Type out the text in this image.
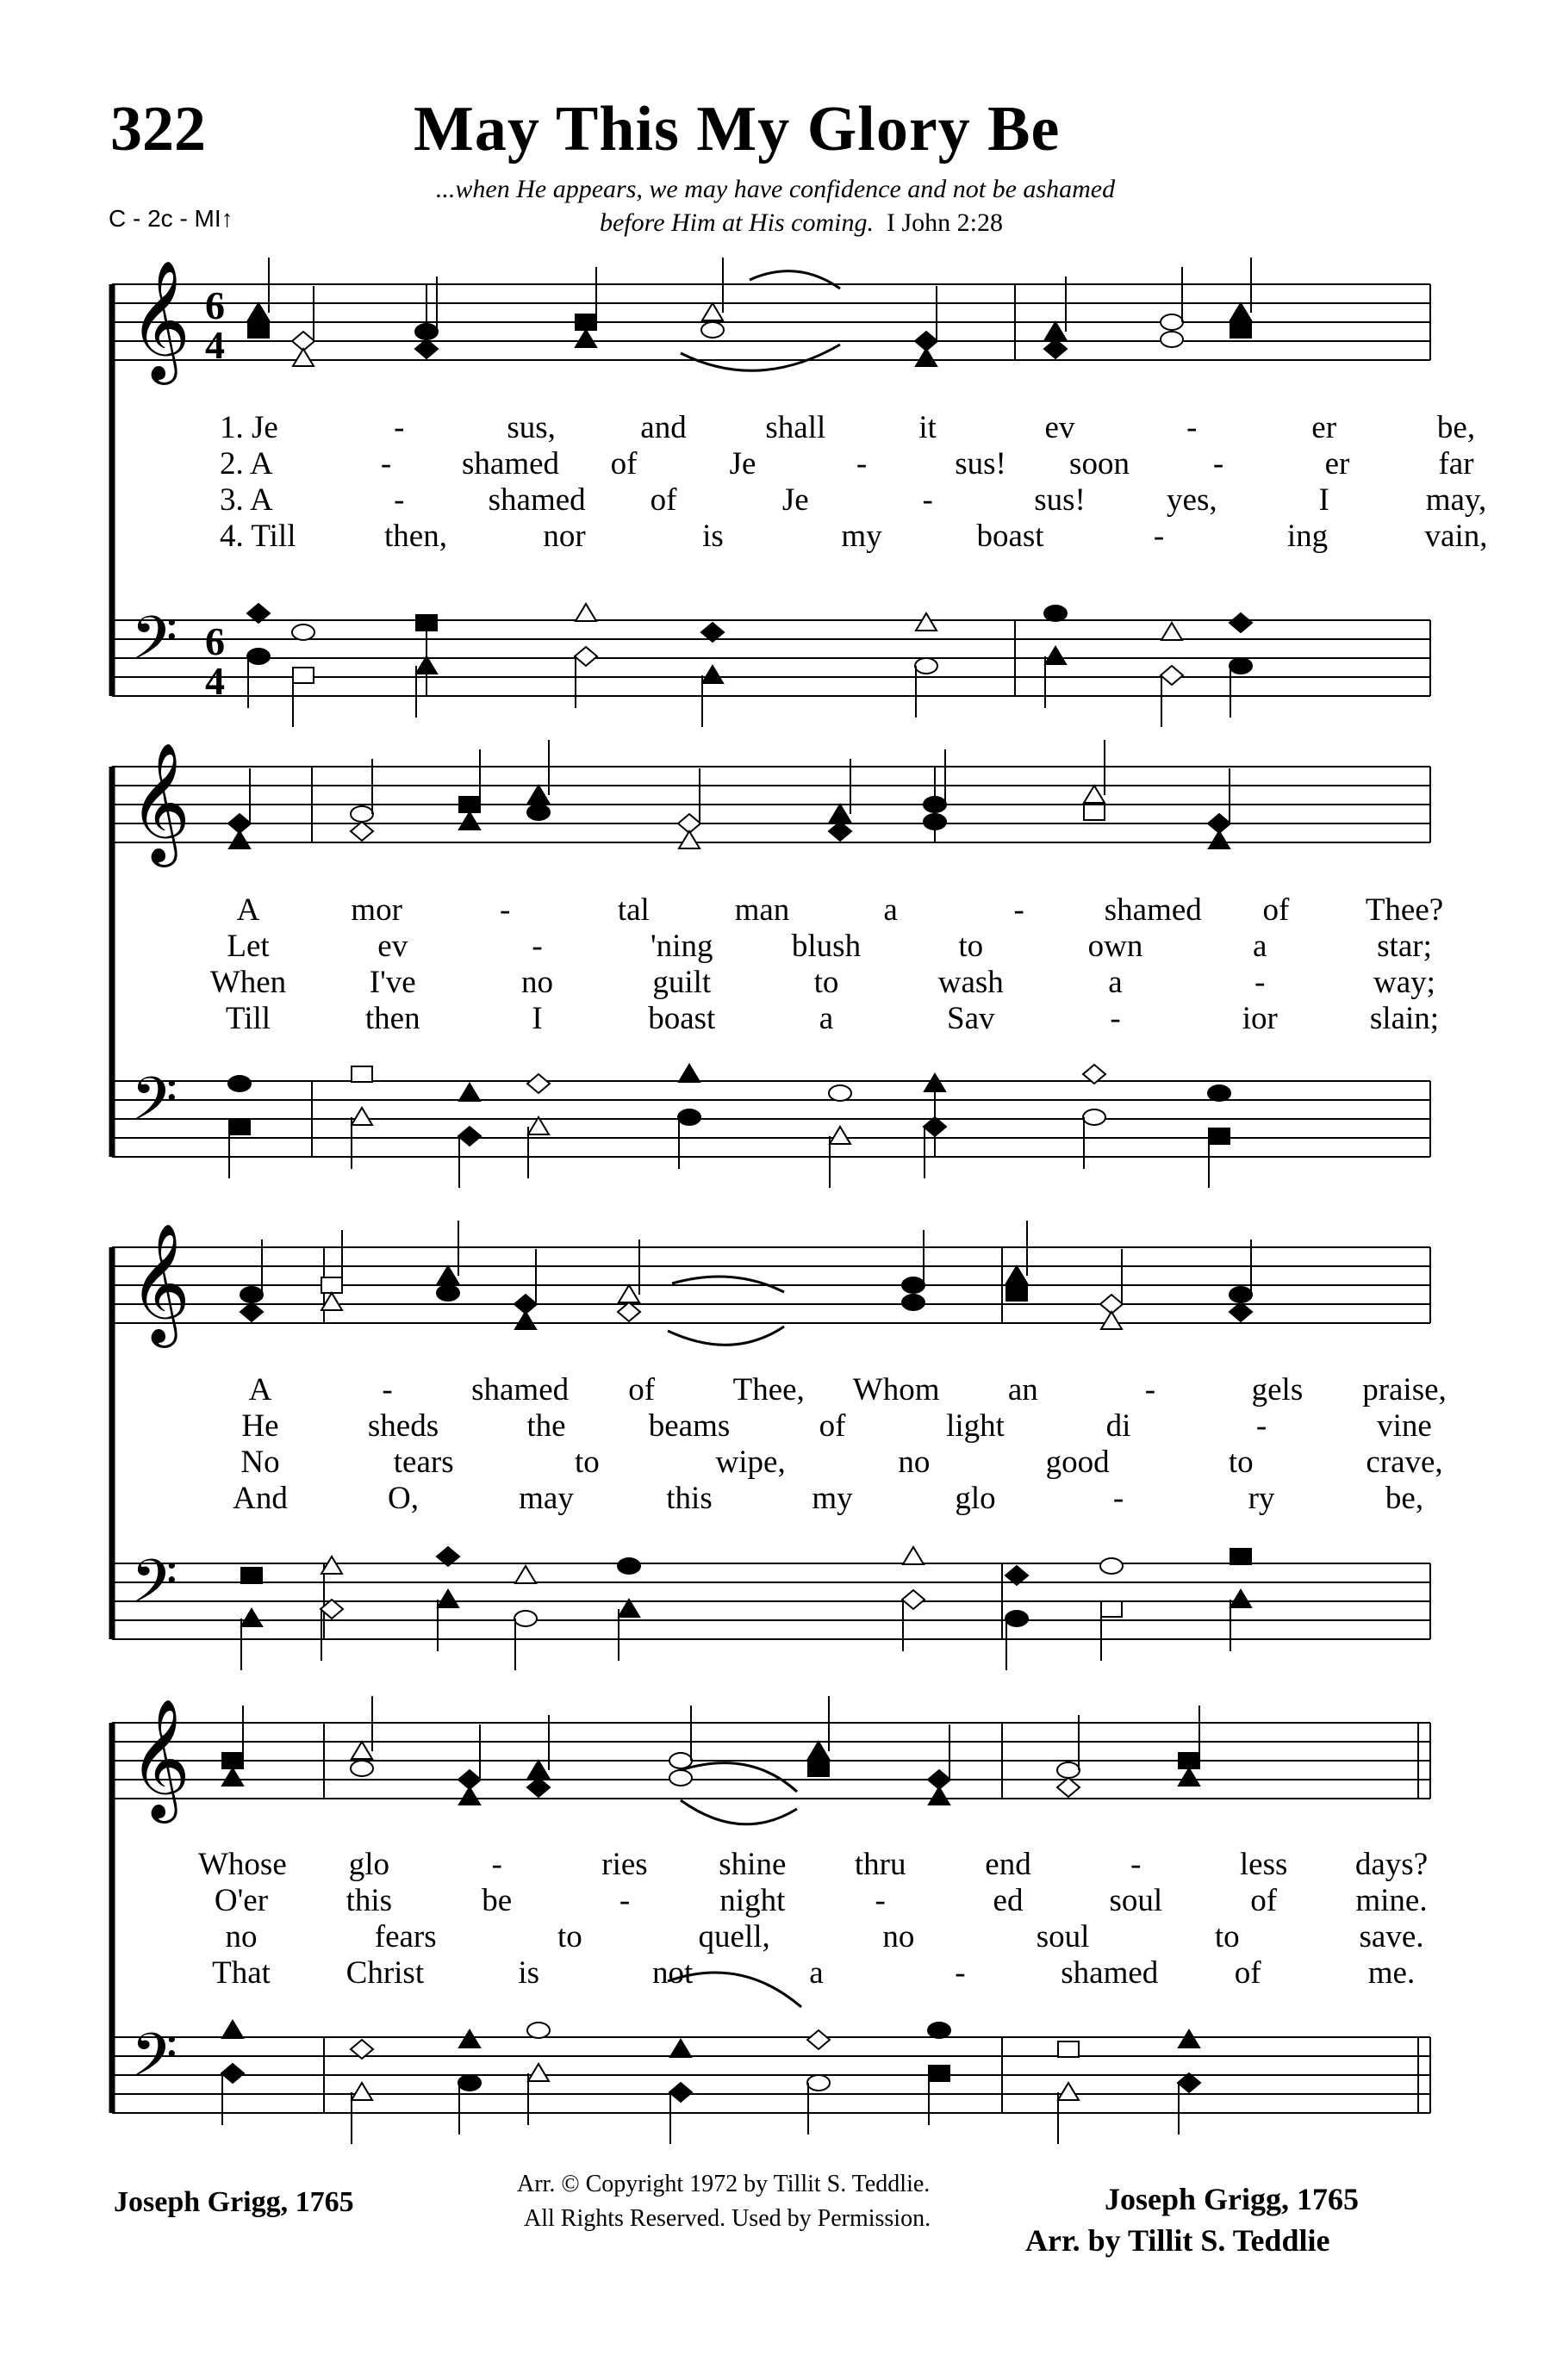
322	May This My Glory Be
C - 2c - MI↑
...when He appears, we may have confidence and not be ashamed
before Him at His coming. I John 2:28
𝄞
𝄢
6
4
6
4
𝄞
𝄢
𝄞
𝄢
𝄞
𝄢
1. Je	-	sus,	and	shall	it	ev	-	er	be,
2. A	-	shamed	of	Je	-	sus!	soon	-	er	far
3. A	-	shamed	of	Je	-	sus!	yes,	I	may,
4. Till	then,	nor	is	my	boast	-	ing	vain,
A	mor	-	tal	man	a	-	shamed	of	Thee?
Let	ev	-	'ning	blush	to	own	a	star;
When	I've	no	guilt	to	wash	a	-	way;
Till	then	I	boast	a	Sav	-	ior	slain;
A	-	shamed	of	Thee, Whom	an	-	gels	praise,
He	sheds	the	beams	of	light	di	-	vine
No	tears	to	wipe,	no	good	to	crave,
And	O,	may	this	my	glo	-	ry	be,
Whose	glo	-	ries	shine	thru	end	-	less	days?
O'er	this	be	-	night	-	ed	soul	of	mine.
no	fears	to	quell,	no	soul	to	save.
That	Christ	is	not	a	-	shamed	of	me.
Joseph Grigg, 1765
Arr. © Copyright 1972 by Tillit S. Teddlie.
All Rights Reserved. Used by Permission.
Joseph Grigg, 1765
Arr. by Tillit S. Teddlie
